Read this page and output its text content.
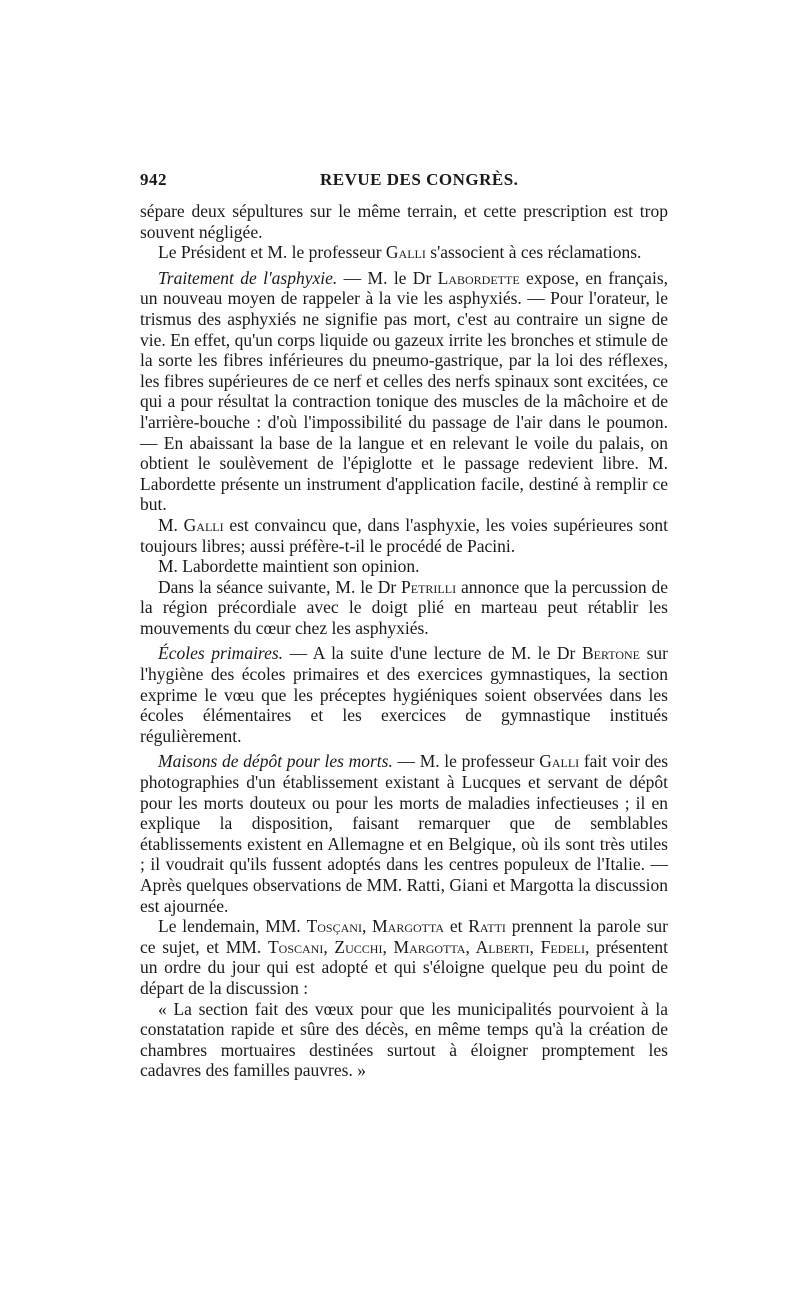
942	REVUE DES CONGRÈS.

sépare deux sépultures sur le même terrain, et cette prescription est trop souvent négligée.

Le Président et M. le professeur Galli s'associent à ces réclamations.

Traitement de l'asphyxie. — M. le Dr Labordette expose, en français, un nouveau moyen de rappeler à la vie les asphyxiés. — Pour l'orateur, le trismus des asphyxiés ne signifie pas mort, c'est au contraire un signe de vie. En effet, qu'un corps liquide ou gazeux irrite les bronches et stimule de la sorte les fibres inférieures du pneumo-gastrique, par la loi des réflexes, les fibres supérieures de ce nerf et celles des nerfs spinaux sont excitées, ce qui a pour résultat la contraction tonique des muscles de la mâchoire et de l'arrière-bouche : d'où l'impossibilité du passage de l'air dans le poumon. — En abaissant la base de la langue et en relevant le voile du palais, on obtient le soulèvement de l'épiglotte et le passage redevient libre. M. Labordette présente un instrument d'application facile, destiné à remplir ce but.

M. Galli est convaincu que, dans l'asphyxie, les voies supérieures sont toujours libres; aussi préfère-t-il le procédé de Pacini.

M. Labordette maintient son opinion.

Dans la séance suivante, M. le Dr Petrilli annonce que la percussion de la région précordiale avec le doigt plié en marteau peut rétablir les mouvements du cœur chez les asphyxiés.

Écoles primaires. — A la suite d'une lecture de M. le Dr Bertone sur l'hygiène des écoles primaires et des exercices gymnastiques, la section exprime le vœu que les préceptes hygiéniques soient observées dans les écoles élémentaires et les exercices de gymnastique institués régulièrement.

Maisons de dépôt pour les morts. — M. le professeur Galli fait voir des photographies d'un établissement existant à Lucques et servant de dépôt pour les morts douteux ou pour les morts de maladies infectieuses ; il en explique la disposition, faisant remarquer que de semblables établissements existent en Allemagne et en Belgique, où ils sont très utiles ; il voudrait qu'ils fussent adoptés dans les centres populeux de l'Italie. — Après quelques observations de MM. Ratti, Giani et Margotta la discussion est ajournée.

Le lendemain, MM. Tosçani, Margotta et Ratti prennent la parole sur ce sujet, et MM. Toscani, Zucchi, Margotta, Alberti, Fedeli, présentent un ordre du jour qui est adopté et qui s'éloigne quelque peu du point de départ de la discussion :

« La section fait des vœux pour que les municipalités pourvoient à la constatation rapide et sûre des décès, en même temps qu'à la création de chambres mortuaires destinées surtout à éloigner promptement les cadavres des familles pauvres. »
